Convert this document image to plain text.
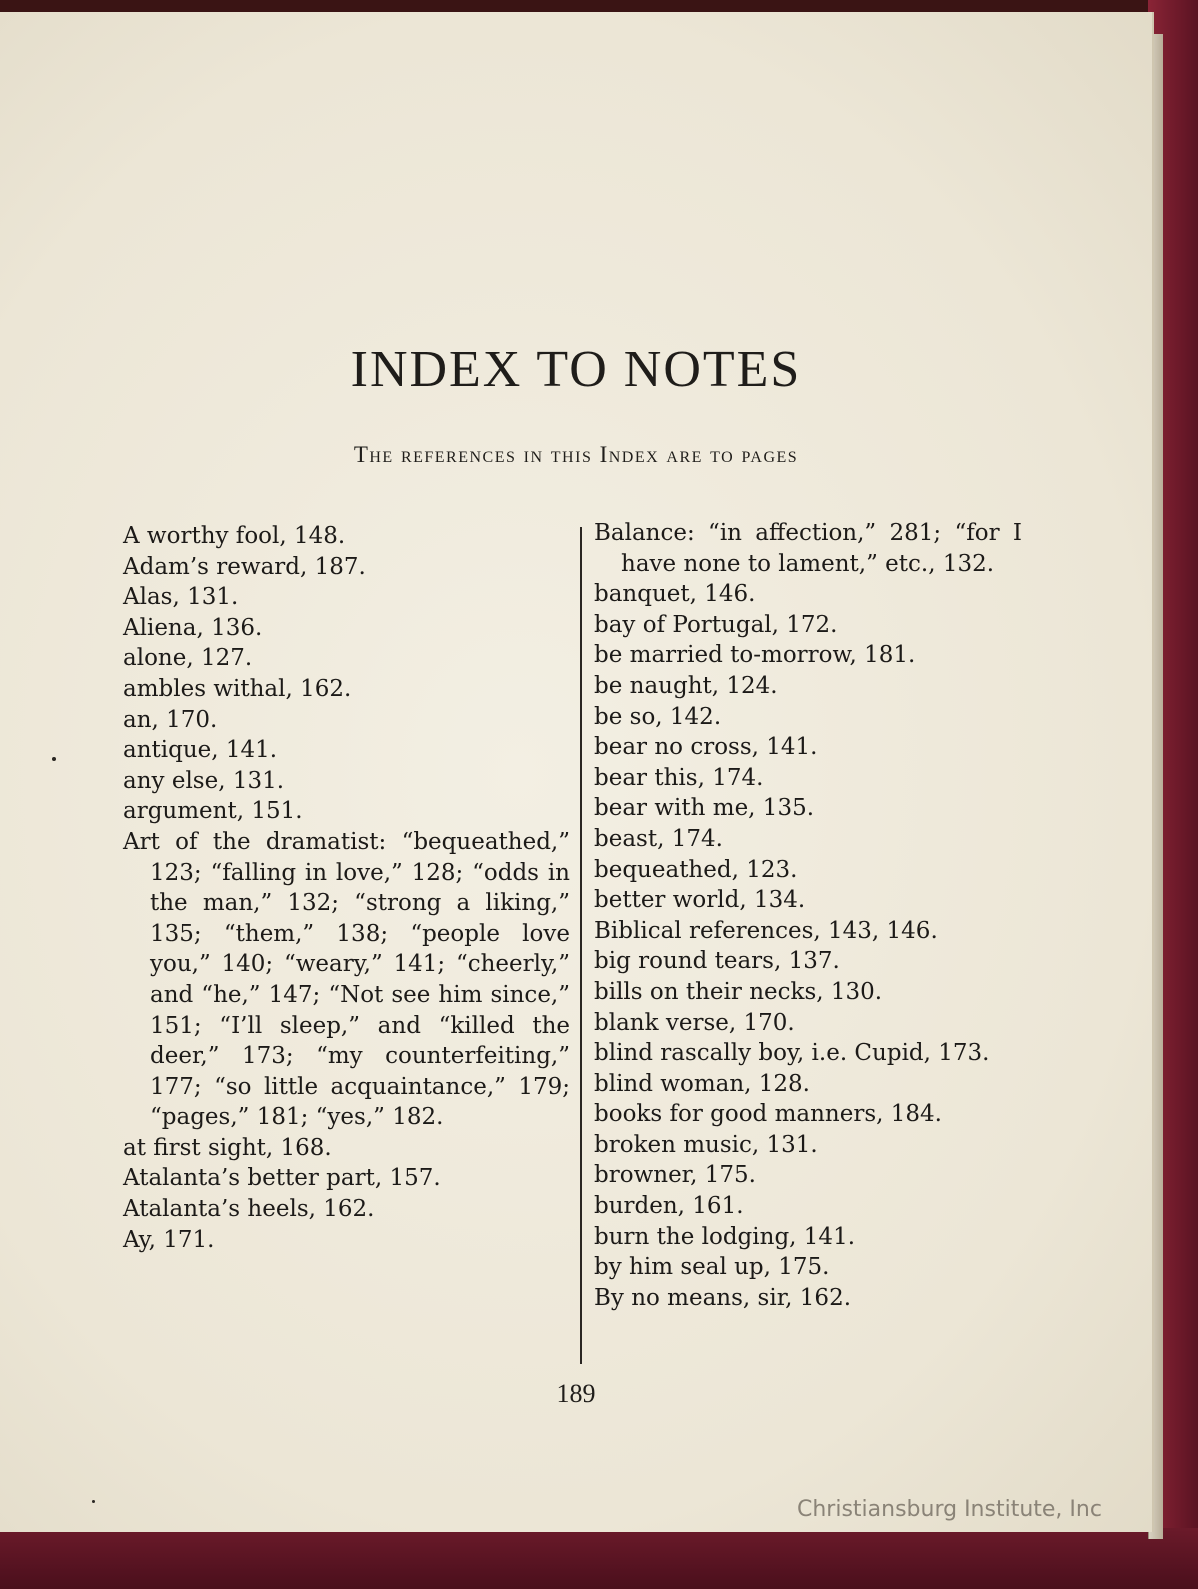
INDEX TO NOTES
The references in this Index are to pages
A worthy fool, 148.
Adam’s reward, 187.
Alas, 131.
Aliena, 136.
alone, 127.
ambles withal, 162.
an, 170.
antique, 141.
any else, 131.
argument, 151.
Art of the dramatist: “bequeathed,” 123; “falling in love,” 128; “odds in the man,” 132; “strong a liking,” 135; “them,” 138; “people love you,” 140; “weary,” 141; “cheerly,” and “he,” 147; “Not see him since,” 151; “I’ll sleep,” and “killed the deer,” 173; “my counterfeiting,” 177; “so little acquaintance,” 179; “pages,” 181; “yes,” 182.
at first sight, 168.
Atalanta’s better part, 157.
Atalanta’s heels, 162.
Ay, 171.
Balance: “in affection,” 281; “for I have none to lament,” etc., 132.
banquet, 146.
bay of Portugal, 172.
be married to-morrow, 181.
be naught, 124.
be so, 142.
bear no cross, 141.
bear this, 174.
bear with me, 135.
beast, 174.
bequeathed, 123.
better world, 134.
Biblical references, 143, 146.
big round tears, 137.
bills on their necks, 130.
blank verse, 170.
blind rascally boy, i.e. Cupid, 173.
blind woman, 128.
books for good manners, 184.
broken music, 131.
browner, 175.
burden, 161.
burn the lodging, 141.
by him seal up, 175.
By no means, sir, 162.
189
Christiansburg Institute, Inc
